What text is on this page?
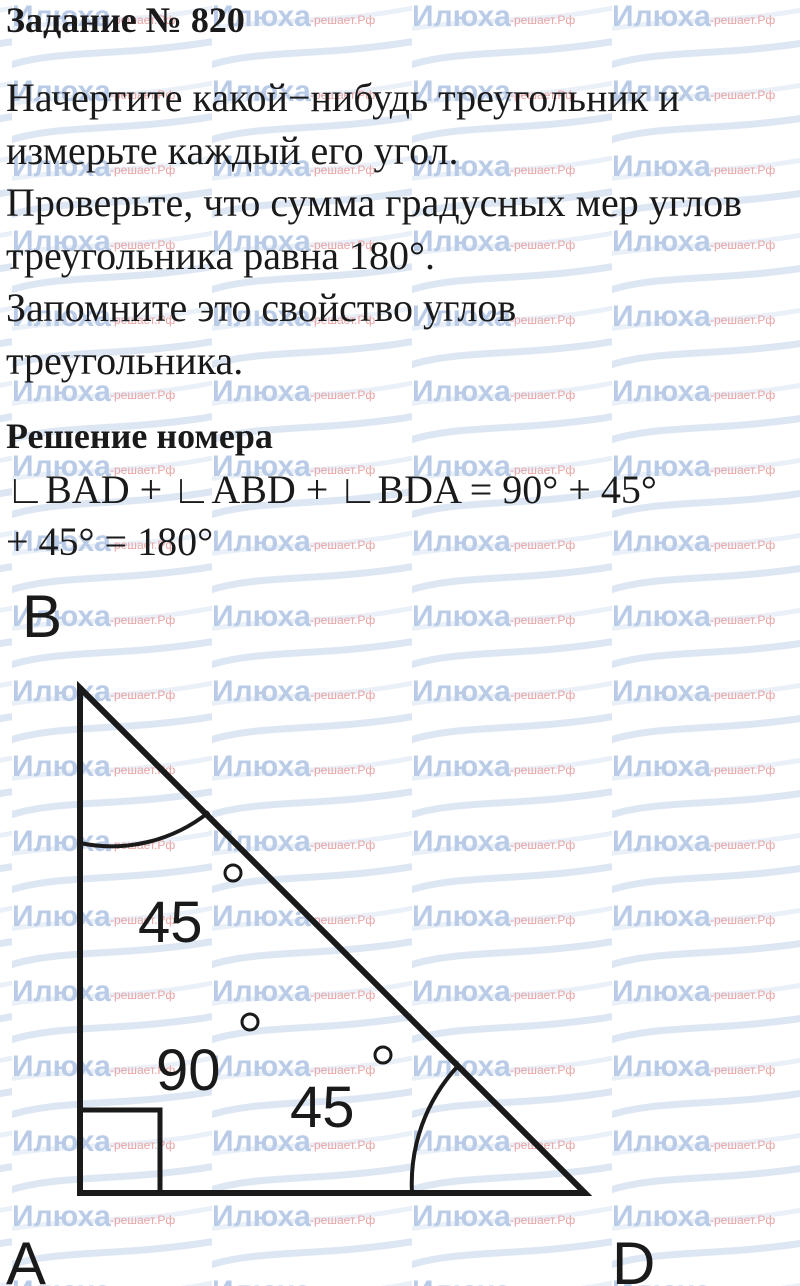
Задание № 820

Начертите какой−нибудь треугольник и

измерьте каждый его угол.

Проверьте, что сумма градусных мер углов

треугольника равна 180°.

Запомните это свойство углов

треугольника.

Решение номера
∟BAD + ∟ABD + ∟BDA = 90° + 45°
+ 45° = 180°
B
A	D
45
90
45
